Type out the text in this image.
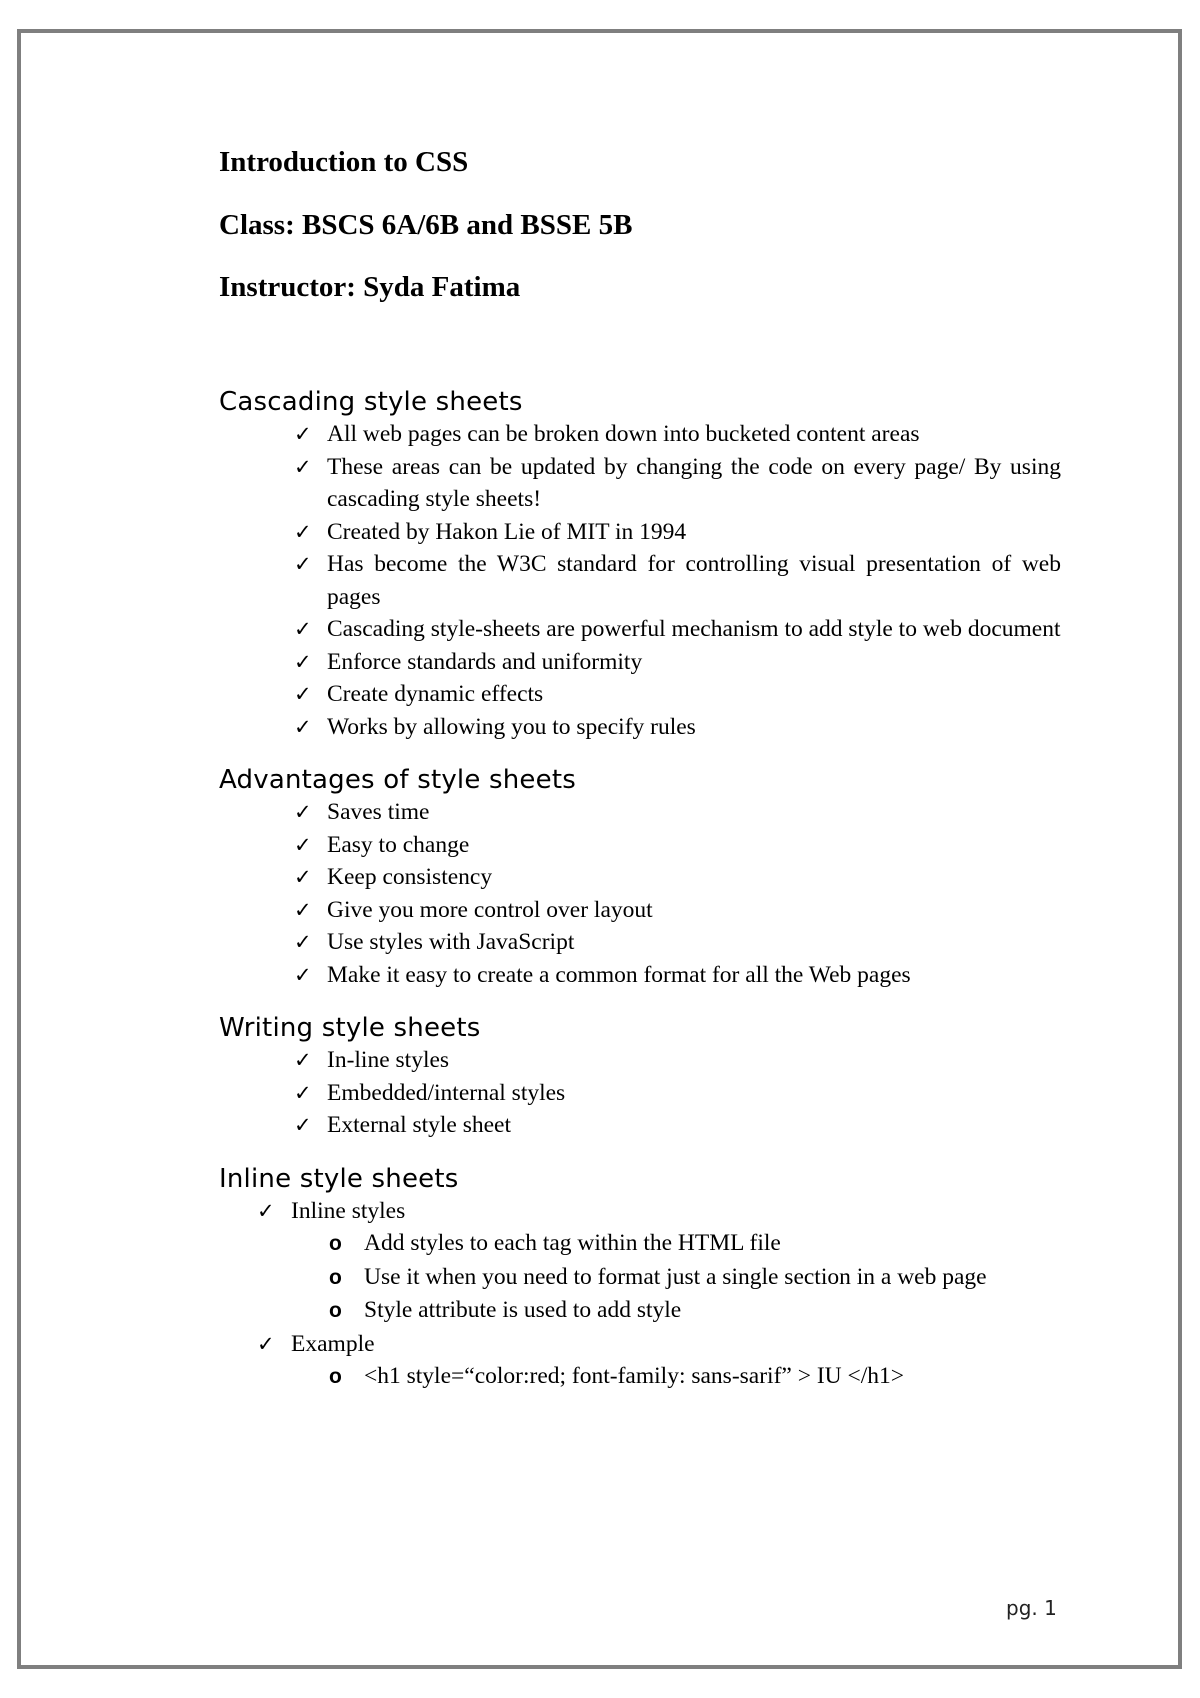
Introduction to CSS

Class: BSCS 6A/6B and BSSE 5B

Instructor: Syda Fatima

Cascading style sheets
✓ All web pages can be broken down into bucketed content areas
✓ These areas can be updated by changing the code on every page/ By using cascading style sheets!
✓ Created by Hakon Lie of MIT in 1994
✓ Has become the W3C standard for controlling visual presentation of web pages
✓ Cascading style-sheets are powerful mechanism to add style to web document
✓ Enforce standards and uniformity
✓ Create dynamic effects
✓ Works by allowing you to specify rules
Advantages of style sheets
✓ Saves time
✓ Easy to change
✓ Keep consistency
✓ Give you more control over layout
✓ Use styles with JavaScript
✓ Make it easy to create a common format for all the Web pages
Writing style sheets
✓ In-line styles
✓ Embedded/internal styles
✓ External style sheet
Inline style sheets
✓ Inline styles
o Add styles to each tag within the HTML file
o Use it when you need to format just a single section in a web page
o Style attribute is used to add style
✓ Example
o <h1 style=“color:red; font-family: sans-sarif” > IU </h1>
pg. 1
